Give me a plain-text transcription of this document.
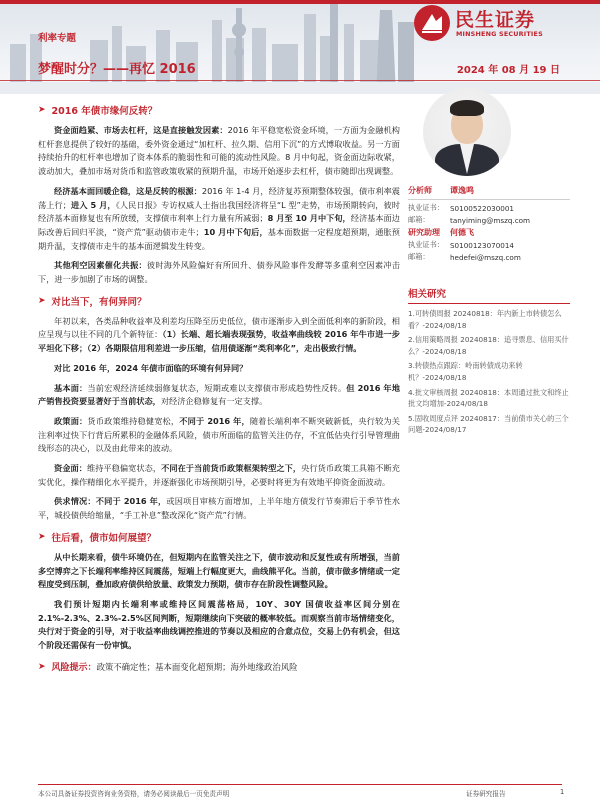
民生证券
MINSHENG SECURITIES
利率专题
梦醒时分？——再忆 2016	2024 年 08 月 19 日
➤ 2016 年债市缘何反转？
资金面趋紧、市场去杠杆，这是直接触发因素：2016 年平稳宽松资金环境，一方面为金融机构杠杆套息提供了较好的基础，委外资金通过“加杠杆、拉久期、信用下沉”的方式博取收益。另一方面持续抬升的杠杆率也增加了资本体系的脆弱性和可能的流动性风险。8 月中旬起，资金面边际收紧，波动加大，叠加市场对货币和监管政策收紧的预期升温，市场开始逐步去杠杆，债市随即出现调整。
经济基本面回暖企稳，这是反转的根源：2016 年 1-4 月，经济复苏预期整体较强，债市利率震荡上行；进入 5 月，《人民日报》专访权威人士指出我国经济将呈“L 型”走势，市场预期转向，彼时经济基本面修复也有所放缓，支撑债市利率上行力量有所减弱；8 月至 10 月中下旬，经济基本面边际改善后回归平淡，“资产荒”驱动债市走牛；10 月中下旬后，基本面数据一定程度超预期，通胀预期升温，支撑债市走牛的基本面逻辑发生转变。
其他利空因素催化共振：彼时海外风险偏好有所回升、债券风险事件发酵等多重利空因素冲击下，进一步加剧了市场的调整。
➤ 对比当下，有何异同？
年初以来，各类品种收益率及利差均压降至历史低位，债市逐渐步入到全面低利率的新阶段，相应呈现与以往不同的几个新特征：（1）长端、超长端表现强势，收益率曲线较 2016 年牛市进一步平坦化下移；（2）各期限信用利差进一步压缩，信用债逐渐“类利率化”，走出极致行情。
对比 2016 年，2024 年债市面临的环境有何异同？
基本面：当前宏观经济延续弱修复状态，短期或难以支撑债市形成趋势性反转。但 2016 年地产销售投资要显著好于当前状态，对经济企稳修复有一定支撑。
政策面：货币政策维持稳健宽松，不同于 2016 年，随着长端利率不断突破新低，央行较为关注利率过快下行背后所累积的金融体系风险，债市所面临的监管关注仍存，不宜低估央行引导管理曲线形态的决心，以及由此带来的波动。
资金面：维持平稳偏宽状态，不同在于当前货币政策框架转型之下，央行货币政策工具箱不断充实优化，操作精细化水平提升，并逐渐强化市场预期引导，必要时将更为有效地平抑资金面波动。
供求情况：不同于 2016 年，或因项目审核方面增加，上半年地方债发行节奏滞后于季节性水平，城投债供给缩量，“手工补息”整改深化“资产荒”行情。
➤ 往后看，债市如何展望？
从中长期来看，债牛环境仍在，但短期内在监管关注之下，债市波动和反复性或有所增强，当前多空博弈之下长端利率维持区间震荡，短端上行幅度更大，曲线熊平化。当前，债市做多情绪或一定程度受到压制，叠加政府债供给放量、政策发力预期，债市存在阶段性调整风险。
我们预计短期内长端利率或维持区间震荡格局，10Y、30Y 国债收益率区间分别在 2.1%-2.3%、2.3%-2.5%区间判断，短期继续向下突破的概率较低。而观察当前市场情绪变化，央行对于资金的引导，对于收益率曲线调控推进的节奏以及相应的合意点位，交易上仍有机会，但这个阶段还需保有一份审慎。
➤ 风险提示： 政策不确定性；基本面变化超预期；海外地缘政治风险
分析师	谭逸鸣
执业证书： S0100522030001
邮箱：	tanyiming@mszq.com
研究助理	何德飞
执业证书： S0100123070014
邮箱：	hedefei@mszq.com
相关研究
1.可转债周报 20240818：年内新上市转债怎么看？-2024/08/18
2.信用策略周报 20240818：追寻票息、信用买什么？-2024/08/18
3.转债热点跟踪：岭南转债成功来转机？-2024/08/18
4.批文审核周报 20240818：本周通过批文和终止批文均增加-2024/08/18
5.固收周度点评 20240817：当前债市关心的三个问题-2024/08/17
本公司具备证券投资咨询业务资格，请务必阅读最后一页免责声明	证券研究报告	1
